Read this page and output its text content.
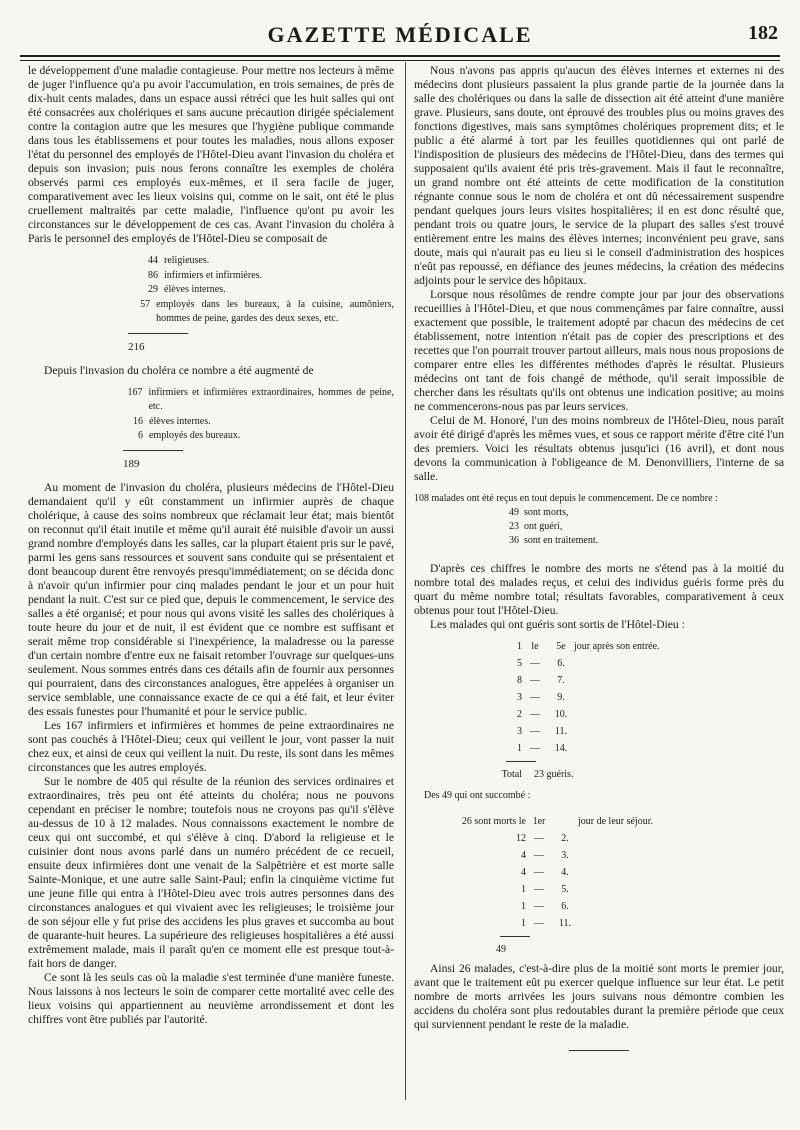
GAZETTE MÉDICALE	182

le développement d'une maladie contagieuse. Pour mettre nos lecteurs à même de juger l'influence qu'a pu avoir l'accumulation, en trois semaines, de près de dix-huit cents malades, dans un espace aussi rétréci que les huit salles qui ont été consacrées aux cholériques et sans aucune précaution dirigée spécialement contre la contagion autre que les mesures que l'hygiène publique commande dans tous les établissemens et pour toutes les maladies, nous allons exposer l'état du personnel des employés de l'Hôtel-Dieu avant l'invasion du choléra et depuis son invasion; puis nous ferons connaître les exemples de choléra observés parmi ces employés eux-mêmes, et il sera facile de juger, comparativement avec les lieux voisins qui, comme on le sait, ont été le plus cruellement maltraités par cette maladie, l'influence qu'ont pu avoir les circonstances sur le développement de ces cas. Avant l'invasion du choléra à Paris le personnel des employés de l'Hôtel-Dieu se composait de

44 religieuses.
86 infirmiers et infirmières.
29 élèves internes.
57 employés dans les bureaux, à la cuisine, aumôniers, hommes de peine, gardes des deux sexes, etc.
216

Depuis l'invasion du choléra ce nombre a été augmenté de

167 infirmiers et infirmières extraordinaires, hommes de peine, etc.
16 élèves internes.
6 employés des bureaux.
189

Au moment de l'invasion du choléra, plusieurs médecins de l'Hôtel-Dieu demandaient qu'il y eût constamment un infirmier auprès de chaque cholérique, à cause des soins nombreux que réclamait leur état; mais bientôt on reconnut qu'il était inutile et même qu'il aurait été nuisible d'avoir un aussi grand nombre d'employés dans les salles, car la plupart étaient pris sur le pavé, parmi les gens sans ressources et souvent sans conduite qui se présentaient et dont beaucoup durent être renvoyés presqu'immédiatement; on se décida donc à n'avoir qu'un infirmier pour cinq malades pendant le jour et un pour huit pendant la nuit. C'est sur ce pied que, depuis le commencement, le service des salles a été organisé; et pour nous qui avons visité les salles des cholériques à toute heure du jour et de nuit, il est évident que ce nombre est suffisant et serait même trop considérable si l'inexpérience, la maladresse ou la paresse d'un certain nombre d'entre eux ne faisait retomber l'ouvrage sur quelques-uns seulement. Nous sommes entrés dans ces détails afin de fournir aux personnes qui pourraient, dans des circonstances analogues, être appelées à organiser un service semblable, une connaissance exacte de ce qui a été fait, et leur éviter des essais funestes pour l'humanité et pour le service public.

Les 167 infirmiers et infirmières et hommes de peine extraordinaires ne sont pas couchés à l'Hôtel-Dieu; ceux qui veillent le jour, vont passer la nuit chez eux, et ainsi de ceux qui veillent la nuit. Du reste, ils sont dans les mêmes circonstances que les autres employés.

Sur le nombre de 405 qui résulte de la réunion des services ordinaires et extraordinaires, très peu ont été atteints du choléra; nous ne pouvons cependant en préciser le nombre; toutefois nous ne croyons pas qu'il s'élève au-dessus de 10 à 12 malades. Nous connaissons exactement le nombre de ceux qui ont succombé, et qui s'élève à cinq. D'abord la religieuse et le cuisinier dont nous avons parlé dans un numéro précédent de ce recueil, ensuite deux infirmières dont une venait de la Salpêtrière et est morte salle Sainte-Monique, et une autre salle Saint-Paul; enfin la cinquième victime fut une jeune fille qui entra à l'Hôtel-Dieu avec trois autres personnes dans des circonstances analogues et qui vivaient avec les religieuses; le troisième jour de son séjour elle y fut prise des accidens les plus graves et succomba au bout de quarante-huit heures. La supérieure des religieuses hospitalières a été aussi extrêmement malade, mais il paraît qu'en ce moment elle est presque tout-à-fait hors de danger.

Ce sont là les seuls cas où la maladie s'est terminée d'une manière funeste. Nous laissons à nos lecteurs le soin de comparer cette mortalité avec celle des lieux voisins qui appartiennent au neuvième arrondissement et dont les chiffres vont être publiés par l'autorité.

Nous n'avons pas appris qu'aucun des élèves internes et externes ni des médecins dont plusieurs passaient la plus grande partie de la journée dans la salle des cholériques ou dans la salle de dissection ait été atteint d'une manière grave. Plusieurs, sans doute, ont éprouvé des troubles plus ou moins graves des fonctions digestives, mais sans symptômes cholériques proprement dits; et le public a été alarmé à tort par les feuilles quotidiennes qui ont parlé de l'indisposition de plusieurs des médecins de l'Hôtel-Dieu, dans des termes qui supposaient qu'ils avaient été pris très-gravement. Mais il faut le reconnaître, un grand nombre ont été atteints de cette modification de la constitution régnante connue sous le nom de choléra et ont dû nécessairement suspendre pendant quelques jours leurs visites hospitalières; il en est donc résulté que, pendant trois ou quatre jours, le service de la plupart des salles s'est trouvé entièrement entre les mains des élèves internes; inconvénient peu grave, sans doute, mais qui n'aurait pas eu lieu si le conseil d'administration des hospices n'eût pas repoussé, en défiance des jeunes médecins, la création des médecins adjoints pour le service des hôpitaux.

Lorsque nous résolûmes de rendre compte jour par jour des observations recueillies à l'Hôtel-Dieu, et que nous commençâmes par faire connaître, aussi exactement que possible, le traitement adopté par chacun des médecins de cet établissement, notre intention n'était pas de copier des prescriptions et des recettes que l'on pourrait trouver partout ailleurs, mais nous nous proposions de comparer entre elles les différentes méthodes d'après le résultat. Plusieurs médecins ont tant de fois changé de méthode, qu'il serait impossible de chercher dans les résultats qu'ils ont obtenus une indication positive; au moins ne commencerons-nous pas par leurs services.

Celui de M. Honoré, l'un des moins nombreux de l'Hôtel-Dieu, nous paraît avoir été dirigé d'après les mêmes vues, et sous ce rapport mérite d'être cité l'un des premiers. Voici les résultats obtenus jusqu'ici (16 avril), et dont nous devons la communication à l'obligeance de M. Denonvilliers, l'interne de sa salle.

108 malades ont été reçus en tout depuis le commencement. De ce nombre :
49 sont morts,
23 ont guéri,
36 sont en traitement.

D'après ces chiffres le nombre des morts ne s'étend pas à la moitié du nombre total des malades reçus, et celui des individus guéris forme près du quart du même nombre total; résultats favorables, comparativement à ceux obtenus pour tout l'Hôtel-Dieu.

Les malades qui ont guéris sont sortis de l'Hôtel-Dieu :

1 le	5e jour après son entrée.
5 —	6.
8 —	7.
3 —	9.
2 —	10.
3 —	11.
1 —	14.
Total 23 guéris.

Des 49 qui ont succombé :

26 sont morts le 1er	jour de leur séjour.
12 —	2.
4 —	3.
4 —	4.
1 —	5.
1 —	6.
1 —	11.
49

Ainsi 26 malades, c'est-à-dire plus de la moitié sont morts le premier jour, avant que le traitement eût pu exercer quelque influence sur leur état. Le petit nombre de morts arrivées les jours suivans nous démontre combien les accidens du choléra sont plus redoutables durant la première période que ceux qui surviennent pendant le reste de la maladie.
